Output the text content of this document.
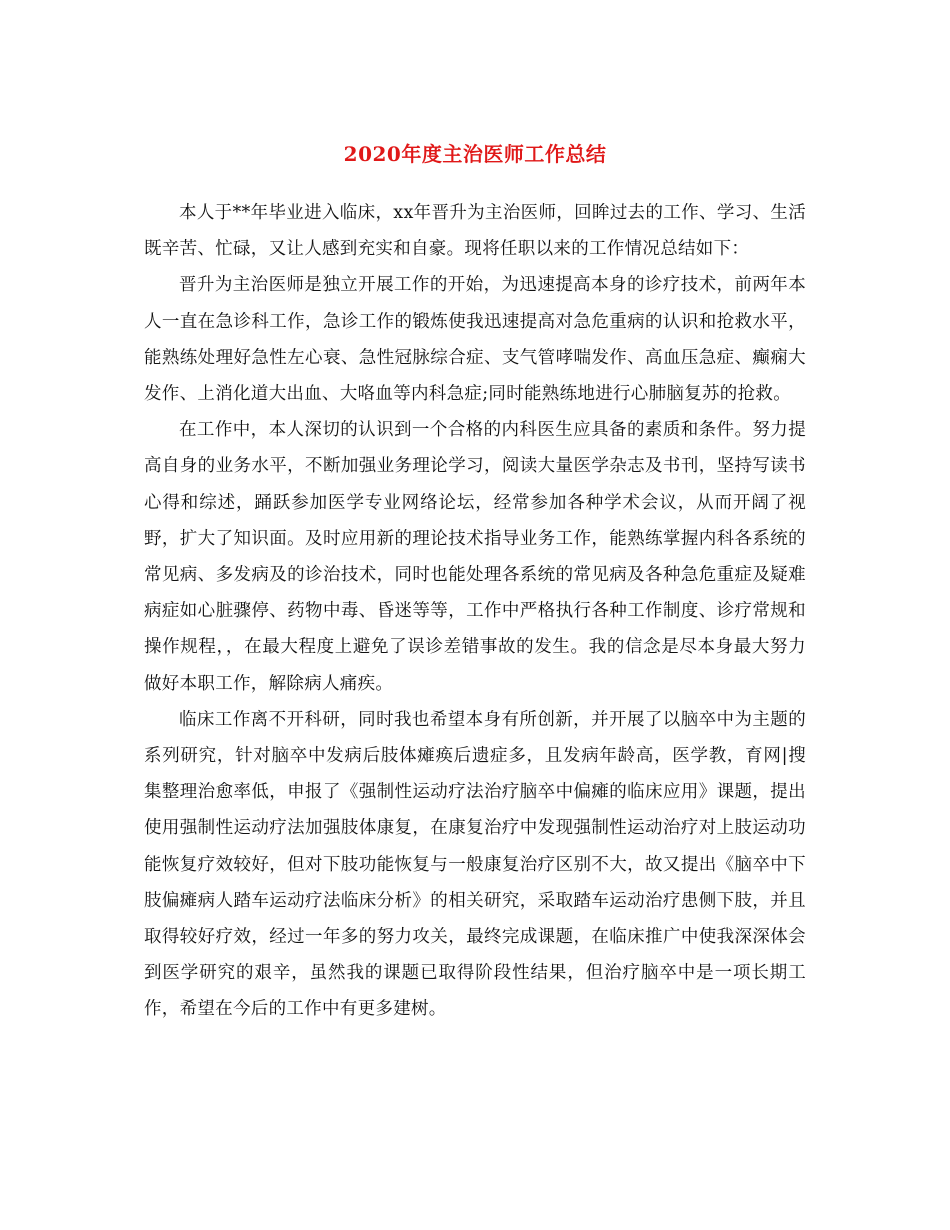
2020年度主治医师工作总结

本人于**年毕业进入临床，xx年晋升为主治医师，回眸过去的工作、学习、生活既辛苦、忙碌，又让人感到充实和自豪。现将任职以来的工作情况总结如下：

晋升为主治医师是独立开展工作的开始，为迅速提高本身的诊疗技术，前两年本人一直在急诊科工作，急诊工作的锻炼使我迅速提高对急危重病的认识和抢救水平，能熟练处理好急性左心衰、急性冠脉综合症、支气管哮喘发作、高血压急症、癫痫大发作、上消化道大出血、大咯血等内科急症;同时能熟练地进行心肺脑复苏的抢救。

在工作中，本人深切的认识到一个合格的内科医生应具备的素质和条件。努力提高自身的业务水平，不断加强业务理论学习，阅读大量医学杂志及书刊，坚持写读书心得和综述，踊跃参加医学专业网络论坛，经常参加各种学术会议，从而开阔了视野，扩大了知识面。及时应用新的理论技术指导业务工作，能熟练掌握内科各系统的常见病、多发病及的诊治技术，同时也能处理各系统的常见病及各种急危重症及疑难病症如心脏骤停、药物中毒、昏迷等等，工作中严格执行各种工作制度、诊疗常规和操作规程，，在最大程度上避免了误诊差错事故的发生。我的信念是尽本身最大努力做好本职工作，解除病人痛疾。

临床工作离不开科研，同时我也希望本身有所创新，并开展了以脑卒中为主题的系列研究，针对脑卒中发病后肢体瘫痪后遗症多，且发病年龄高，医学教，育网|搜集整理治愈率低，申报了《强制性运动疗法治疗脑卒中偏瘫的临床应用》课题，提出使用强制性运动疗法加强肢体康复，在康复治疗中发现强制性运动治疗对上肢运动功能恢复疗效较好，但对下肢功能恢复与一般康复治疗区别不大，故又提出《脑卒中下肢偏瘫病人踏车运动疗法临床分析》的相关研究，采取踏车运动治疗患侧下肢，并且取得较好疗效，经过一年多的努力攻关，最终完成课题，在临床推广中使我深深体会到医学研究的艰辛，虽然我的课题已取得阶段性结果，但治疗脑卒中是一项长期工作，希望在今后的工作中有更多建树。
